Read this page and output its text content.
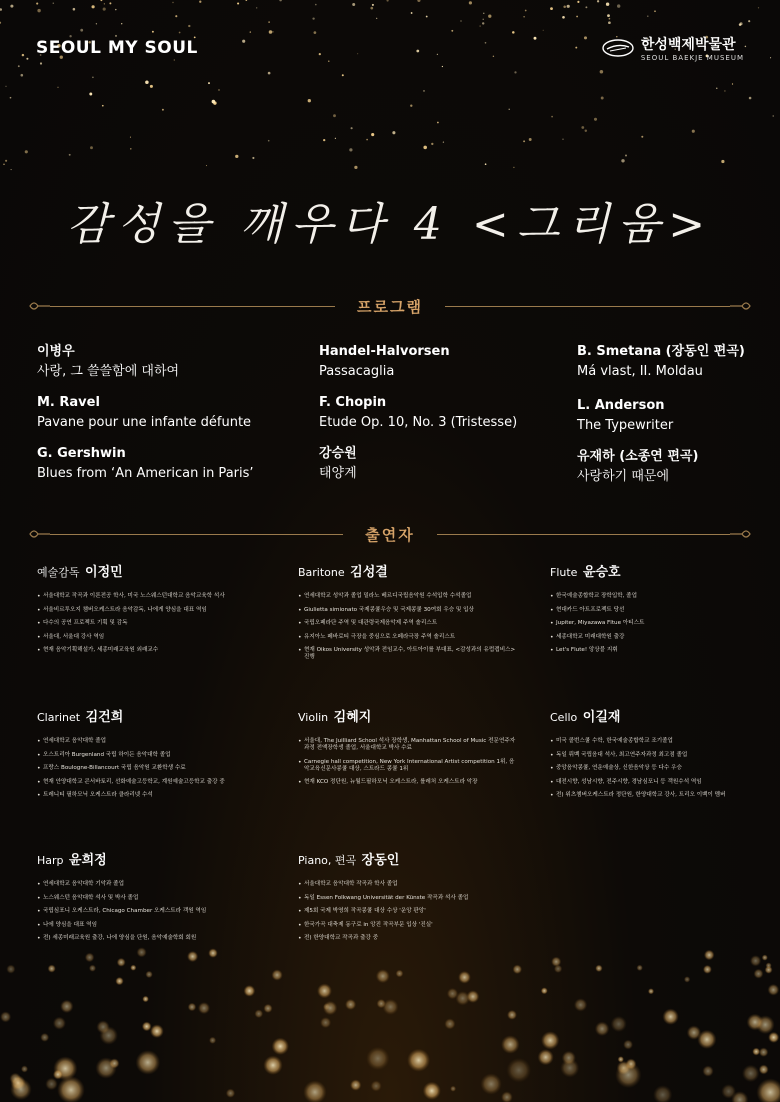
SEOUL MY SOUL	한성백제박물관
SEOUL BAEKJE MUSEUM
감성을 깨우다 4 <그리움>
프로그램
이병우
사랑, 그 쓸쓸함에 대하여
M. Ravel
Pavane pour une infante défunte
G. Gershwin
Blues from ‘An American in Paris’
Handel-Halvorsen
Passacaglia
F. Chopin
Etude Op. 10, No. 3 (Tristesse)
강승원
태양계
B. Smetana (장동인 편곡)
Má vlast, II. Moldau
L. Anderson
The Typewriter
유재하 (소종연 편곡)
사랑하기 때문에
출연자
예술감독 이정민
• 서울대학교 작곡과 이론전공 학사, 미국 노스웨스턴대학교 음악교육학 석사
• 서울비르투오지 챔버오케스트라 음악감독, 나에게 양심을 대표 역임
• 다수의 공연 프로젝트 기획 및 감독
• 서울대, 서울대 강사 역임
• 현재 음악기획해설가, 세종미래교육원 외래교수
Baritone 김성결
• 연세대학교 성악과 졸업 밀라노 베르디국립음악원 수석입학 수석졸업
• Giulietta simionato 국제콩쿨우승 및 국제콩쿨 30여회 우승 및 입상
• 국립오페라단 주역 및 대관령국제음악제 주역 솔리스트
• 유지아노 페바로티 극장을 중심으로 오페라극장 주역 솔리스트
• 현재 Oikos University 성악과 전임교수, 아트아이를 부대표, <감성과의 유럽캡비스> 진행
Flute 윤승호
• 한국예술종합학교 장학입학, 졸업
• 현대카드 아트프로젝트 당선
• Jupiter, Miyazawa Fltue 아티스트
• 세종대학교 미래대학원 출강
• Let's Flute! 앙상블 지휘
Clarinet 김건희
• 연세대학교 음악대학 졸업
• 오스트리아 Burgenland 국립 하이든 음악대학 졸업
• 프랑스 Boulogne-Billancourt 국립 음악원 교환학생 수료
• 현재 안양대학교 콘서바토리, 선화예술고등학교, 계원예술고등학교 출강 중
• 트레니티 필하모닉 오케스트라 클라리넷 수석
Violin 김혜지
• 서울대, The Juilliard School 석사 장학생, Manhattan School of Music 전문연주자과정 전액장학생 졸업, 서울대학교 박사 수료
• Carnegie hall competition, New York International Artist competition 1위, 음악교육신문사콩쿨 대상, 스트라드 콩쿨 1위
• 현재 KCO 정단원, 뉴월드필하모닉 오케스트라, 를레처 오케스트라 악장
Cello 이길재
• 미국 콜번스쿨 수학, 한국예술종합학교 조기졸업
• 독일 뤼벡 국립음대 석사, 최고연주자과정 최고점 졸업
• 중앙음악콩쿨, 연운예술상, 신한음악상 등 다수 우승
• 대전시향, 성남시향, 전주시향, 경남심포니 등 객원수석 역임
• 전) 위츠챔버오케스트라 정단원, 한양대학교 강사, 트리오 이백이 멤버
Harp 윤희정
• 연세대학교 음악대학 기악과 졸업
• 노스웨스턴 음악대학 석사 및 박사 졸업
• 국립심포니 오케스트라, Chicago Chamber 오케스트라 객원 역임
• 나에 양심을 대표 역임
• 전) 세종미래교육원 출강, 나에 양심을 단원, 음악예술학회 회원
Piano, 편곡 장동인
• 서울대학교 음악대학 작곡과 학사 졸업
• 독일 Essen Folkwang Universität der Künste 작곡과 석사 졸업
• 제5회 국제 박영희 작곡콩쿨 대상 수상 '운앙 판앙'
• 한국가곡 대축제 동구로 in 앙진 작곡부문 입상 '진실'
• 전) 한양대학교 작곡과 출강 중
